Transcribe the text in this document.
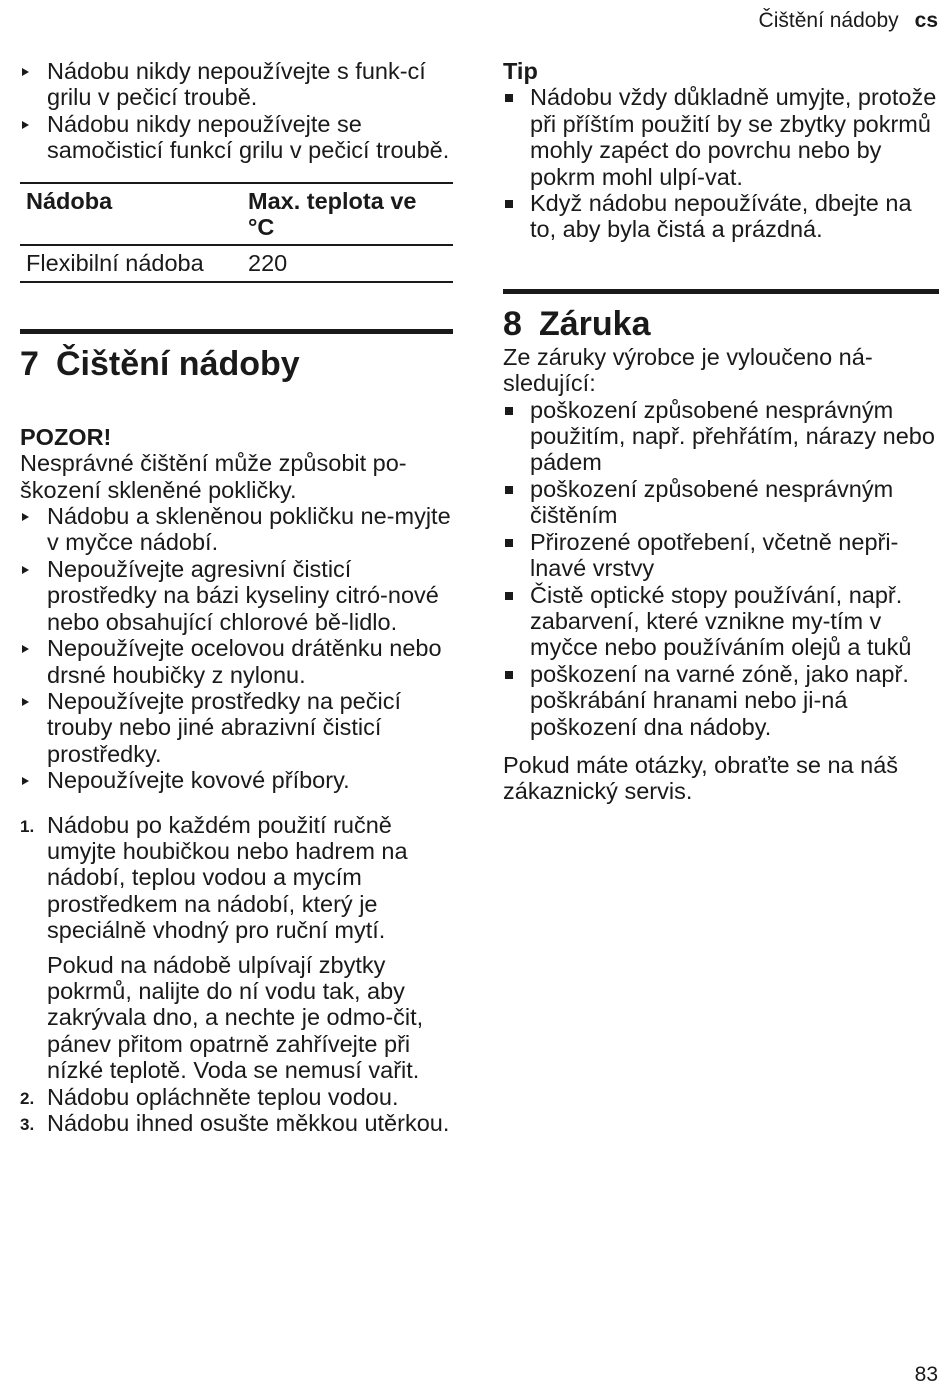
Čištění nádoby cs
Nádobu nikdy nepoužívejte s funk-cí grilu v pečicí troubě.
Nádobu nikdy nepoužívejte se samočisticí funkcí grilu v pečicí troubě.
Nádoba	Max. teplota ve °C
Flexibilní nádoba	220
7 Čištění nádoby
POZOR!

Nesprávné čištění může způsobit po-škození skleněné pokličky.

Nádobu a skleněnou pokličku ne-myjte v myčce nádobí.
Nepoužívejte agresivní čisticí prostředky na bázi kyseliny citró-nové nebo obsahující chlorové bě-lidlo.
Nepoužívejte ocelovou drátěnku nebo drsné houbičky z nylonu.
Nepoužívejte prostředky na pečicí trouby nebo jiné abrazivní čisticí prostředky.
Nepoužívejte kovové příbory.
1. Nádobu po každém použití ručně umyjte houbičkou nebo hadrem na nádobí, teplou vodou a mycím prostředkem na nádobí, který je speciálně vhodný pro ruční mytí.

Pokud na nádobě ulpívají zbytky pokrmů, nalijte do ní vodu tak, aby zakrývala dno, a nechte je odmo-čit, pánev přitom opatrně zahřívejte při nízké teplotě. Voda se nemusí vařit.

2. Nádobu opláchněte teplou vodou.

3. Nádobu ihned osušte měkkou utěrkou.

Tip
Nádobu vždy důkladně umyjte, protože při příštím použití by se zbytky pokrmů mohly zapéct do povrchu nebo by pokrm mohl ulpí-vat.
Když nádobu nepoužíváte, dbejte na to, aby byla čistá a prázdná.
8 Záruka

Ze záruky výrobce je vyloučeno ná-sledující:

poškození způsobené nesprávným použitím, např. přehřátím, nárazy nebo pádem
poškození způsobené nesprávným čištěním
Přirozené opotřebení, včetně nepři-lnavé vrstvy
Čistě optické stopy používání, např. zabarvení, které vznikne my-tím v myčce nebo používáním olejů a tuků
poškození na varné zóně, jako např. poškrábání hranami nebo ji-ná poškození dna nádoby.

Pokud máte otázky, obraťte se na náš zákaznický servis.

83
